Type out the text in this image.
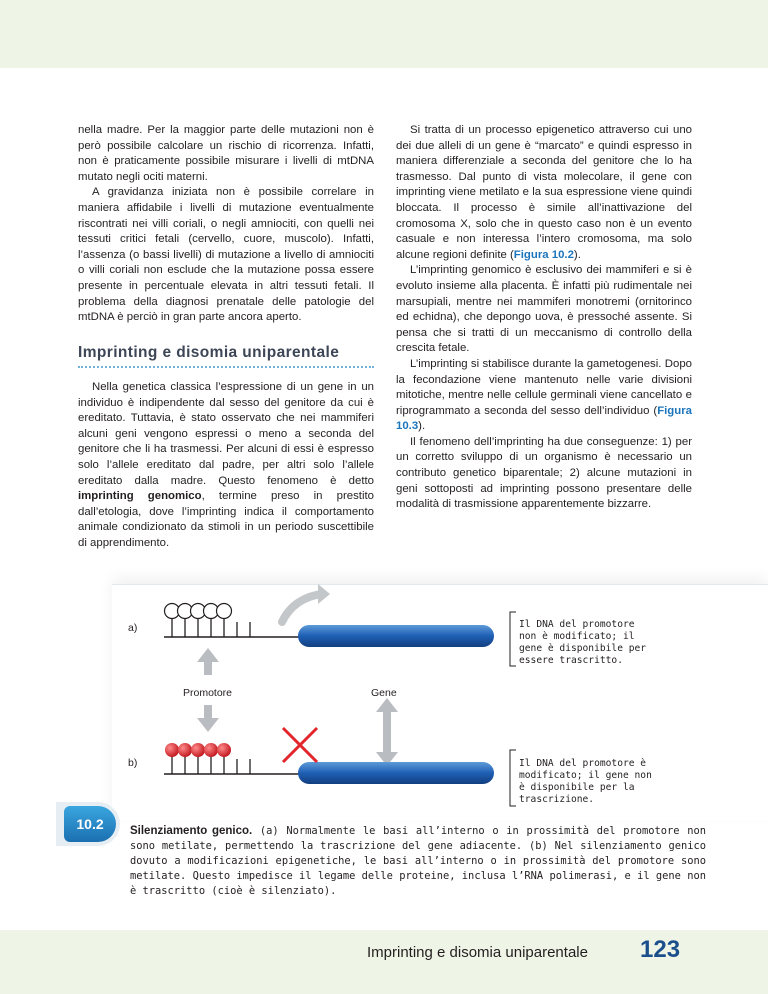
nella madre. Per la maggior parte delle mutazioni non è però possibile calcolare un rischio di ricorrenza. Infatti, non è praticamente possibile misurare i livelli di mtDNA mutato negli ociti materni.

A gravidanza iniziata non è possibile correlare in maniera affidabile i livelli di mutazione eventualmente riscontrati nei villi coriali, o negli amniociti, con quelli nei tessuti critici fetali (cervello, cuore, muscolo). Infatti, l’assenza (o bassi livelli) di mutazione a livello di amniociti o villi coriali non esclude che la mutazione possa essere presente in percentuale elevata in altri tessuti fetali. Il problema della diagnosi prenatale delle patologie del mtDNA è perciò in gran parte ancora aperto.

Imprinting e disomia uniparentale

Nella genetica classica l’espressione di un gene in un individuo è indipendente dal sesso del genitore da cui è ereditato. Tuttavia, è stato osservato che nei mammiferi alcuni geni vengono espressi o meno a seconda del genitore che li ha trasmessi. Per alcuni di essi è espresso solo l’allele ereditato dal padre, per altri solo l’allele ereditato dalla madre. Questo fenomeno è detto imprinting genomico, termine preso in prestito dall’etologia, dove l’imprinting indica il comportamento animale condizionato da stimoli in un periodo suscettibile di apprendimento.

Si tratta di un processo epigenetico attraverso cui uno dei due alleli di un gene è “marcato” e quindi espresso in maniera differenziale a seconda del genitore che lo ha trasmesso. Dal punto di vista molecolare, il gene con imprinting viene metilato e la sua espressione viene quindi bloccata. Il processo è simile all’inattivazione del cromosoma X, solo che in questo caso non è un evento casuale e non interessa l’intero cromosoma, ma solo alcune regioni definite (Figura 10.2).

L’imprinting genomico è esclusivo dei mammiferi e si è evoluto insieme alla placenta. È infatti più rudimentale nei marsupiali, mentre nei mammiferi monotremi (ornitorinco ed echidna), che depongo uova, è pressoché assente. Si pensa che si tratti di un meccanismo di controllo della crescita fetale.

L’imprinting si stabilisce durante la gametogenesi. Dopo la fecondazione viene mantenuto nelle varie divisioni mitotiche, mentre nelle cellule germinali viene cancellato e riprogrammato a seconda del sesso dell’individuo (Figura 10.3).

Il fenomeno dell’imprinting ha due conseguenze: 1) per un corretto sviluppo di un organismo è necessario un contributo genetico biparentale; 2) alcune mutazioni in geni sottoposti ad imprinting possono presentare delle modalità di trasmissione apparentemente bizzarre.

a)	Il DNA del promotore
non è modificato; il
gene è disponibile per
essere trascritto.
Promotore	Gene
b)	Il DNA del promotore è
modificato; il gene non
è disponibile per la
trascrizione.
10.2	Silenziamento genico. (a) Normalmente le basi all’interno o in prossimità del promotore non sono metilate, permettendo la trascrizione del gene adiacente. (b) Nel silenziamento genico dovuto a modificazioni epigenetiche, le basi all’interno o in prossimità del promotore sono metilate. Questo impedisce il legame delle proteine, inclusa l’RNA polimerasi, e il gene non è trascritto (cioè è silenziato).
Imprinting e disomia uniparentale 123
